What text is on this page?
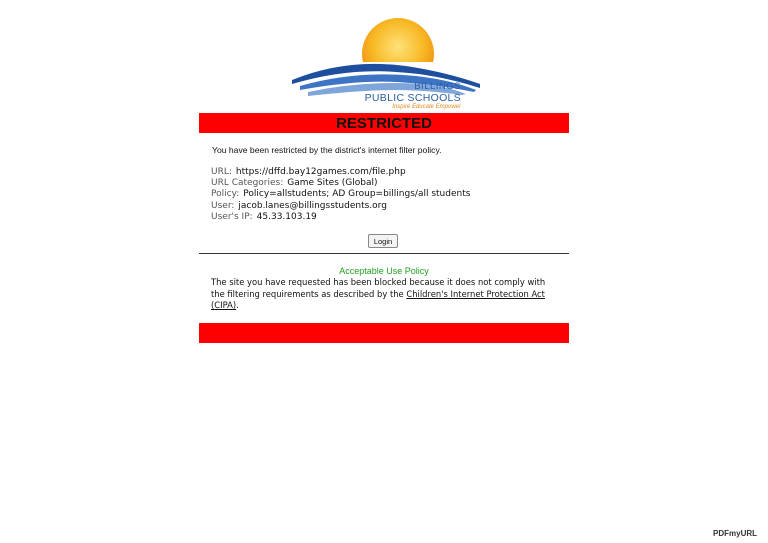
BILLINGS
PUBLIC SCHOOLS
Inspire Educate Empower
RESTRICTED
You have been restricted by the district's internet filter policy.
URL: https://dffd.bay12games.com/file.php
URL Categories: Game Sites (Global)
Policy: Policy=allstudents; AD Group=billings/all students
User: jacob.lanes@billingsstudents.org
User's IP: 45.33.103.19
Login
Acceptable Use Policy
The site you have requested has been blocked because it does not comply with the filtering requirements as described by the Children's Internet Protection Act (CIPA).
PDFmyURL
